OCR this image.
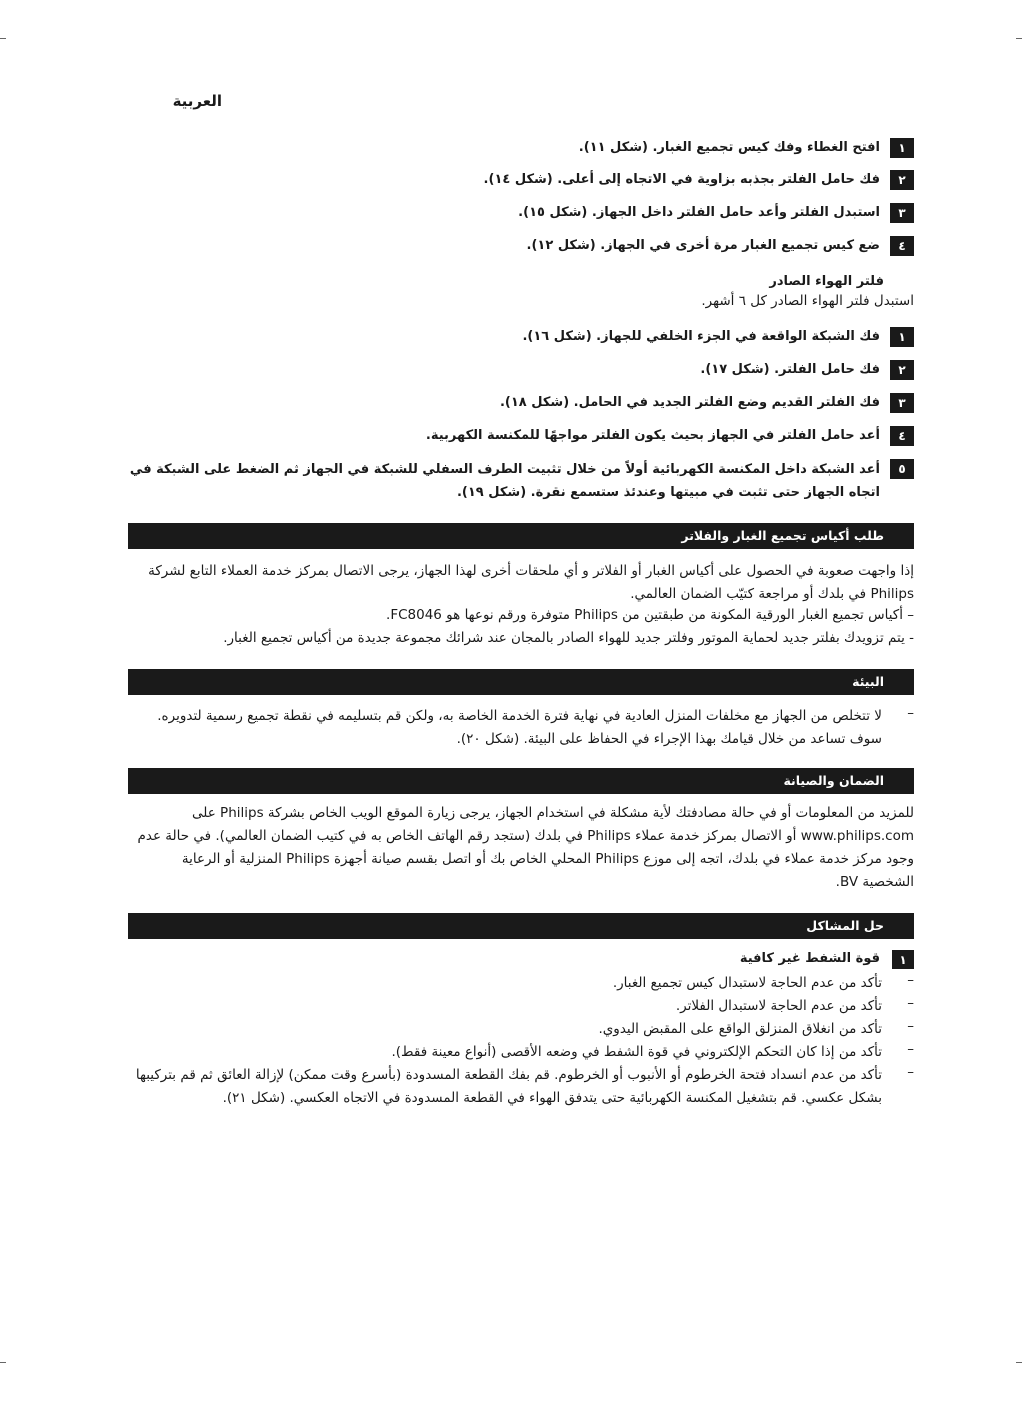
العربية
١
افتح الغطاء وفك كيس تجميع الغبار. (شكل ١١).
٢
فك حامل الفلتر بجذبه بزاوية في الاتجاه إلى أعلى. (شكل ١٤).
٣
استبدل الفلتر وأعد حامل الفلتر داخل الجهاز. (شكل ١٥).
٤
ضع كيس تجميع الغبار مرة أخرى في الجهاز. (شكل ١٢).
فلتر الهواء الصادر
استبدل فلتر الهواء الصادر كل ٦ أشهر.
١
فك الشبكة الواقعة في الجزء الخلفي للجهاز. (شكل ١٦).
٢
فك حامل الفلتر. (شكل ١٧).
٣
فك الفلتر القديم وضع الفلتر الجديد في الحامل. (شكل ١٨).
٤
أعد حامل الفلتر في الجهاز بحيث يكون الفلتر مواجهًا للمكنسة الكهربية.
٥
أعد الشبكة داخل المكنسة الكهربائية أولاً من خلال تثبيت الطرف السفلي للشبكة في الجهاز ثم الضغط على الشبكة في اتجاه الجهاز حتى تثبت في مبيتها وعندئذ ستسمع نقرة. (شكل ١٩).
طلب أكياس تجميع الغبار والفلاتر
إذا واجهت صعوبة في الحصول على أكياس الغبار أو الفلاتر و أي ملحقات أخرى لهذا الجهاز، يرجى الاتصال بمركز خدمة العملاء التابع لشركة Philips في بلدك أو مراجعة كتيّب الضمان العالمي.
– أكياس تجميع الغبار الورقية المكونة من طبقتين من Philips متوفرة ورقم نوعها هو FC8046.
- يتم تزويدك بفلتر جديد لحماية الموتور وفلتر جديد للهواء الصادر بالمجان عند شرائك مجموعة جديدة من أكياس تجميع الغبار.
البيئة
–
لا تتخلص من الجهاز مع مخلفات المنزل العادية في نهاية فترة الخدمة الخاصة به، ولكن قم بتسليمه في نقطة تجميع رسمية لتدويره. سوف تساعد من خلال قيامك بهذا الإجراء في الحفاظ على البيئة. (شكل ٢٠).
الضمان والصيانة
للمزيد من المعلومات أو في حالة مصادفتك لأية مشكلة في استخدام الجهاز، يرجى زيارة الموقع الويب الخاص بشركة Philips على www.philips.com أو الاتصال بمركز خدمة عملاء Philips في بلدك (ستجد رقم الهاتف الخاص به في كتيب الضمان العالمي). في حالة عدم وجود مركز خدمة عملاء في بلدك، اتجه إلى موزع Philips المحلي الخاص بك أو اتصل بقسم صيانة أجهزة Philips المنزلية أو الرعاية الشخصية BV.
حل المشاكل
١
قوة الشفط غير كافية
–
تأكد من عدم الحاجة لاستبدال كيس تجميع الغبار.
–
تأكد من عدم الحاجة لاستبدال الفلاتر.
–
تأكد من انغلاق المنزلق الواقع على المقبض اليدوي.
–
تأكد من إذا كان التحكم الإلكتروني في قوة الشفط في وضعه الأقصى (أنواع معينة فقط).
–
تأكد من عدم انسداد فتحة الخرطوم أو الأنبوب أو الخرطوم. قم بفك القطعة المسدودة (بأسرع وقت ممكن) لإزالة العائق ثم قم بتركيبها بشكل عكسي. قم بتشغيل المكنسة الكهربائية حتى يتدفق الهواء في القطعة المسدودة في الاتجاه العكسي. (شكل ٢١).
